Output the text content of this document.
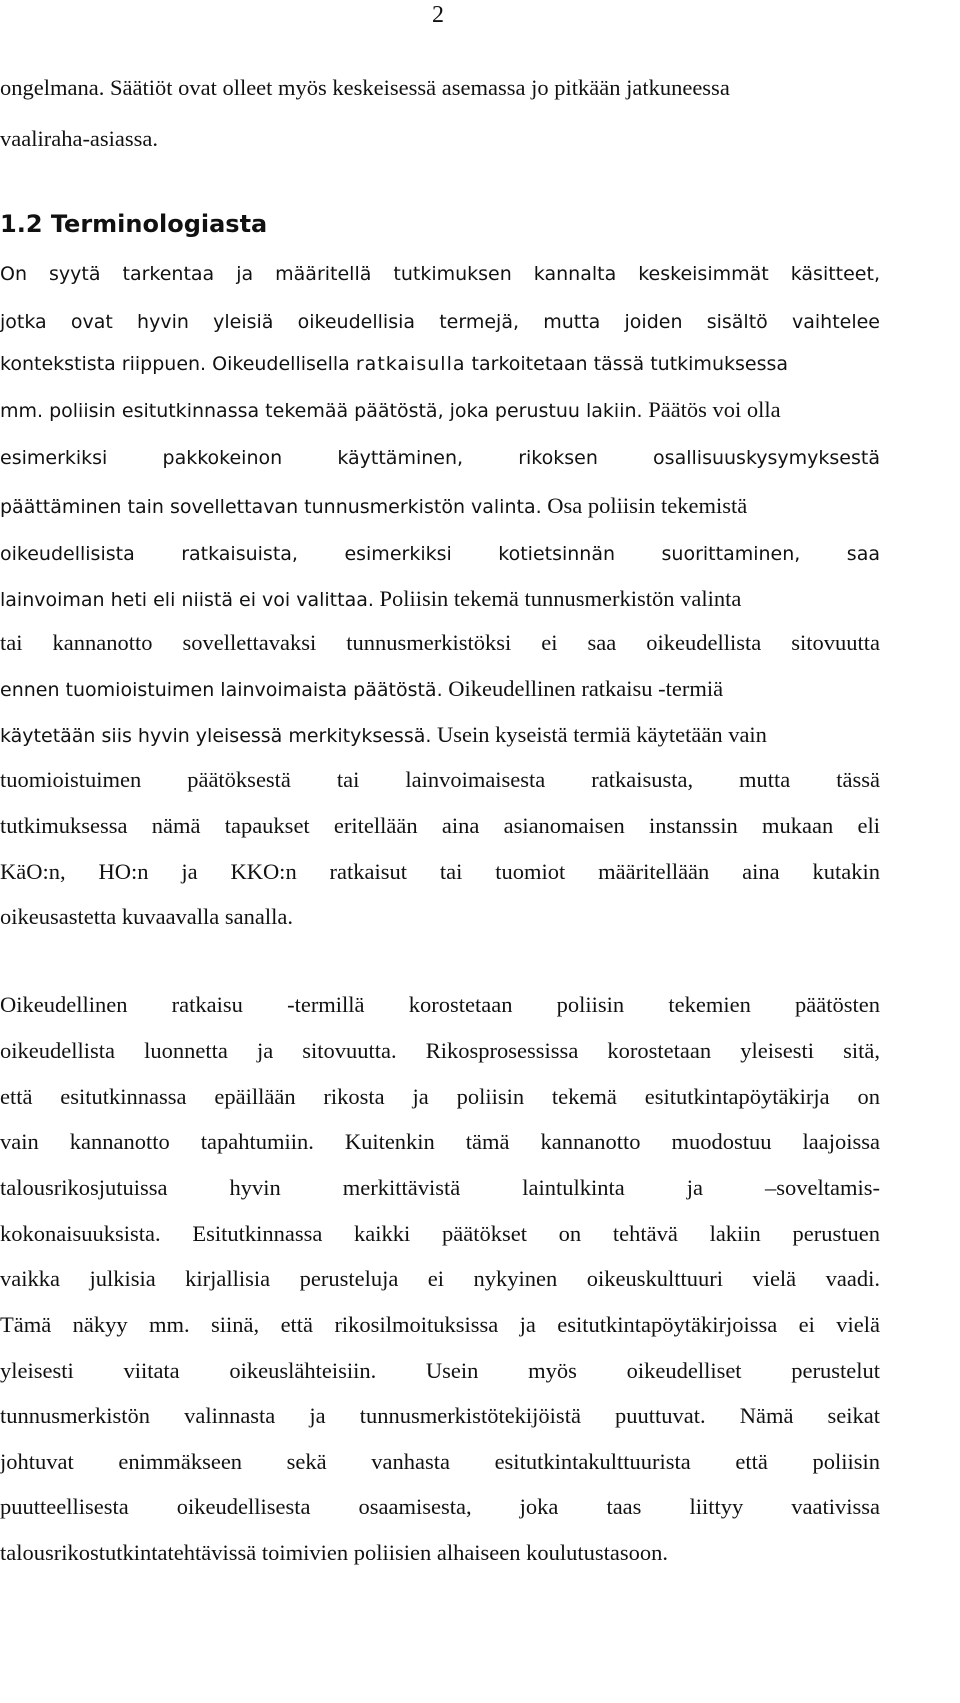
2

ongelmana. Säätiöt ovat olleet myös keskeisessä asemassa jo pitkään jatkuneessa

vaaliraha-asiassa.

1.2 Terminologiasta

On syytä tarkentaa ja määritellä tutkimuksen kannalta keskeisimmät käsitteet,

jotka ovat hyvin yleisiä oikeudellisia termejä, mutta joiden sisältö vaihtelee

kontekstista riippuen. Oikeudellisella ratkaisulla tarkoitetaan tässä tutkimuksessa

mm. poliisin esitutkinnassa tekemää päätöstä, joka perustuu lakiin. Päätös voi olla

esimerkiksi pakkokeinon käyttäminen, rikoksen osallisuuskysymyksestä

päättäminen tain sovellettavan tunnusmerkistön valinta. Osa poliisin tekemistä

oikeudellisista ratkaisuista, esimerkiksi kotietsinnän suorittaminen, saa

lainvoiman heti eli niistä ei voi valittaa. Poliisin tekemä tunnusmerkistön valinta

tai kannanotto sovellettavaksi tunnusmerkistöksi ei saa oikeudellista sitovuutta

ennen tuomioistuimen lainvoimaista päätöstä. Oikeudellinen ratkaisu -termiä

käytetään siis hyvin yleisessä merkityksessä. Usein kyseistä termiä käytetään vain

tuomioistuimen päätöksestä tai lainvoimaisesta ratkaisusta, mutta tässä

tutkimuksessa nämä tapaukset eritellään aina asianomaisen instanssin mukaan eli

KäO:n, HO:n ja KKO:n ratkaisut tai tuomiot määritellään aina kutakin

oikeusastetta kuvaavalla sanalla.

Oikeudellinen ratkaisu -termillä korostetaan poliisin tekemien päätösten

oikeudellista luonnetta ja sitovuutta. Rikosprosessissa korostetaan yleisesti sitä,

että esitutkinnassa epäillään rikosta ja poliisin tekemä esitutkintapöytäkirja on

vain kannanotto tapahtumiin. Kuitenkin tämä kannanotto muodostuu laajoissa

talousrikosjutuissa hyvin merkittävistä laintulkinta ja –soveltamis-

kokonaisuuksista. Esitutkinnassa kaikki päätökset on tehtävä lakiin perustuen

vaikka julkisia kirjallisia perusteluja ei nykyinen oikeuskulttuuri vielä vaadi.

Tämä näkyy mm. siinä, että rikosilmoituksissa ja esitutkintapöytäkirjoissa ei vielä

yleisesti viitata oikeuslähteisiin. Usein myös oikeudelliset perustelut

tunnusmerkistön valinnasta ja tunnusmerkistötekijöistä puuttuvat. Nämä seikat

johtuvat enimmäkseen sekä vanhasta esitutkintakulttuurista että poliisin

puutteellisesta oikeudellisesta osaamisesta, joka taas liittyy vaativissa

talousrikostutkintatehtävissä toimivien poliisien alhaiseen koulutustasoon.
